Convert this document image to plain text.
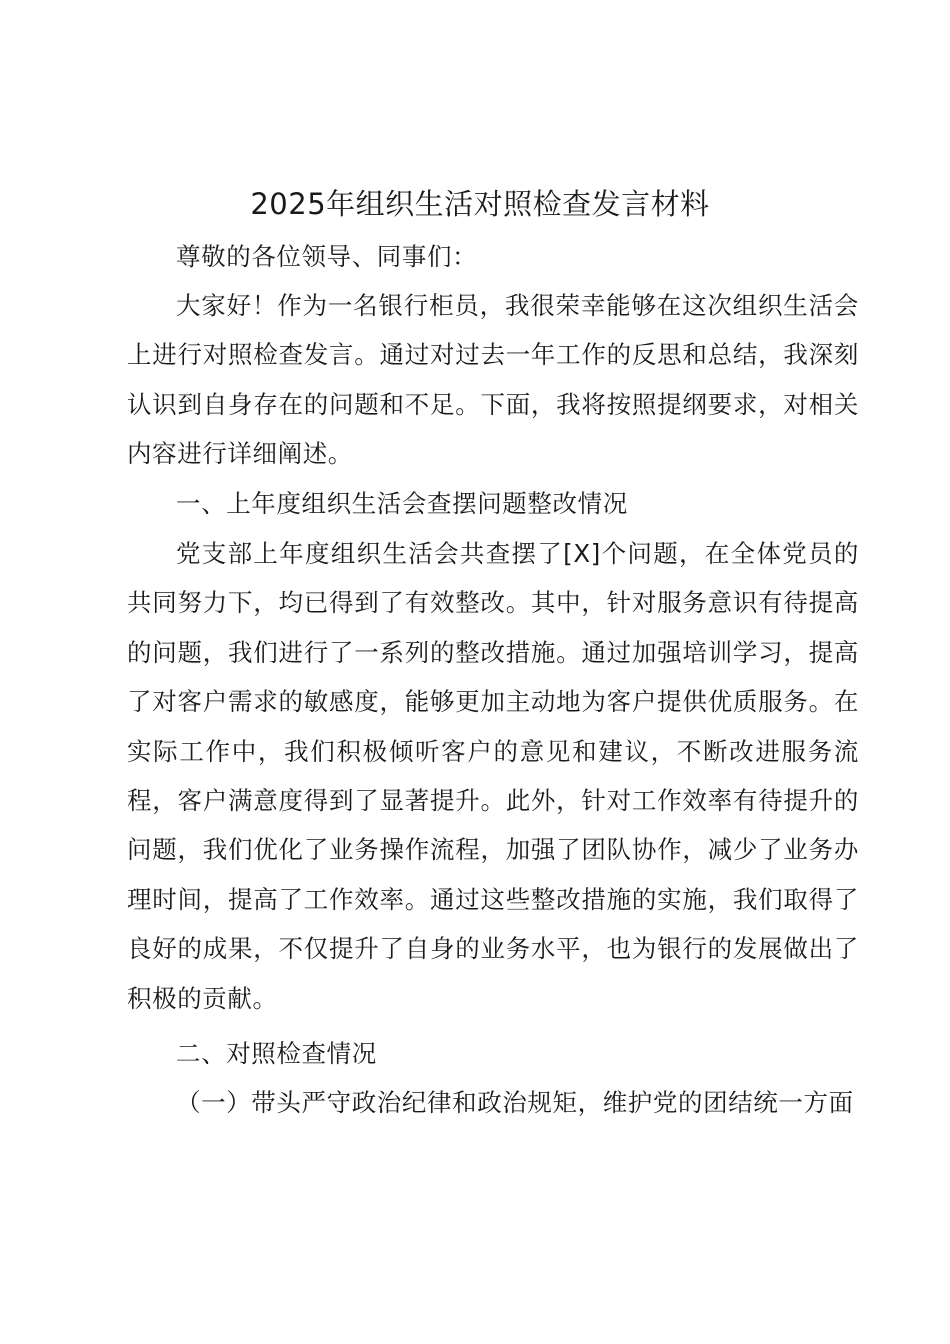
2025年组织生活对照检查发言材料
尊敬的各位领导、同事们：
大家好！作为一名银行柜员，我很荣幸能够在这次组织生活会上进行对照检查发言。通过对过去一年工作的反思和总结，我深刻认识到自身存在的问题和不足。下面，我将按照提纲要求，对相关内容进行详细阐述。
一、上年度组织生活会查摆问题整改情况
党支部上年度组织生活会共查摆了[X]个问题，在全体党员的共同努力下，均已得到了有效整改。其中，针对服务意识有待提高的问题，我们进行了一系列的整改措施。通过加强培训学习，提高了对客户需求的敏感度，能够更加主动地为客户提供优质服务。在实际工作中，我们积极倾听客户的意见和建议，不断改进服务流程，客户满意度得到了显著提升。此外，针对工作效率有待提升的问题，我们优化了业务操作流程，加强了团队协作，减少了业务办理时间，提高了工作效率。通过这些整改措施的实施，我们取得了良好的成果，不仅提升了自身的业务水平，也为银行的发展做出了积极的贡献。
二、对照检查情况
（一）带头严守政治纪律和政治规矩，维护党的团结统一方面
